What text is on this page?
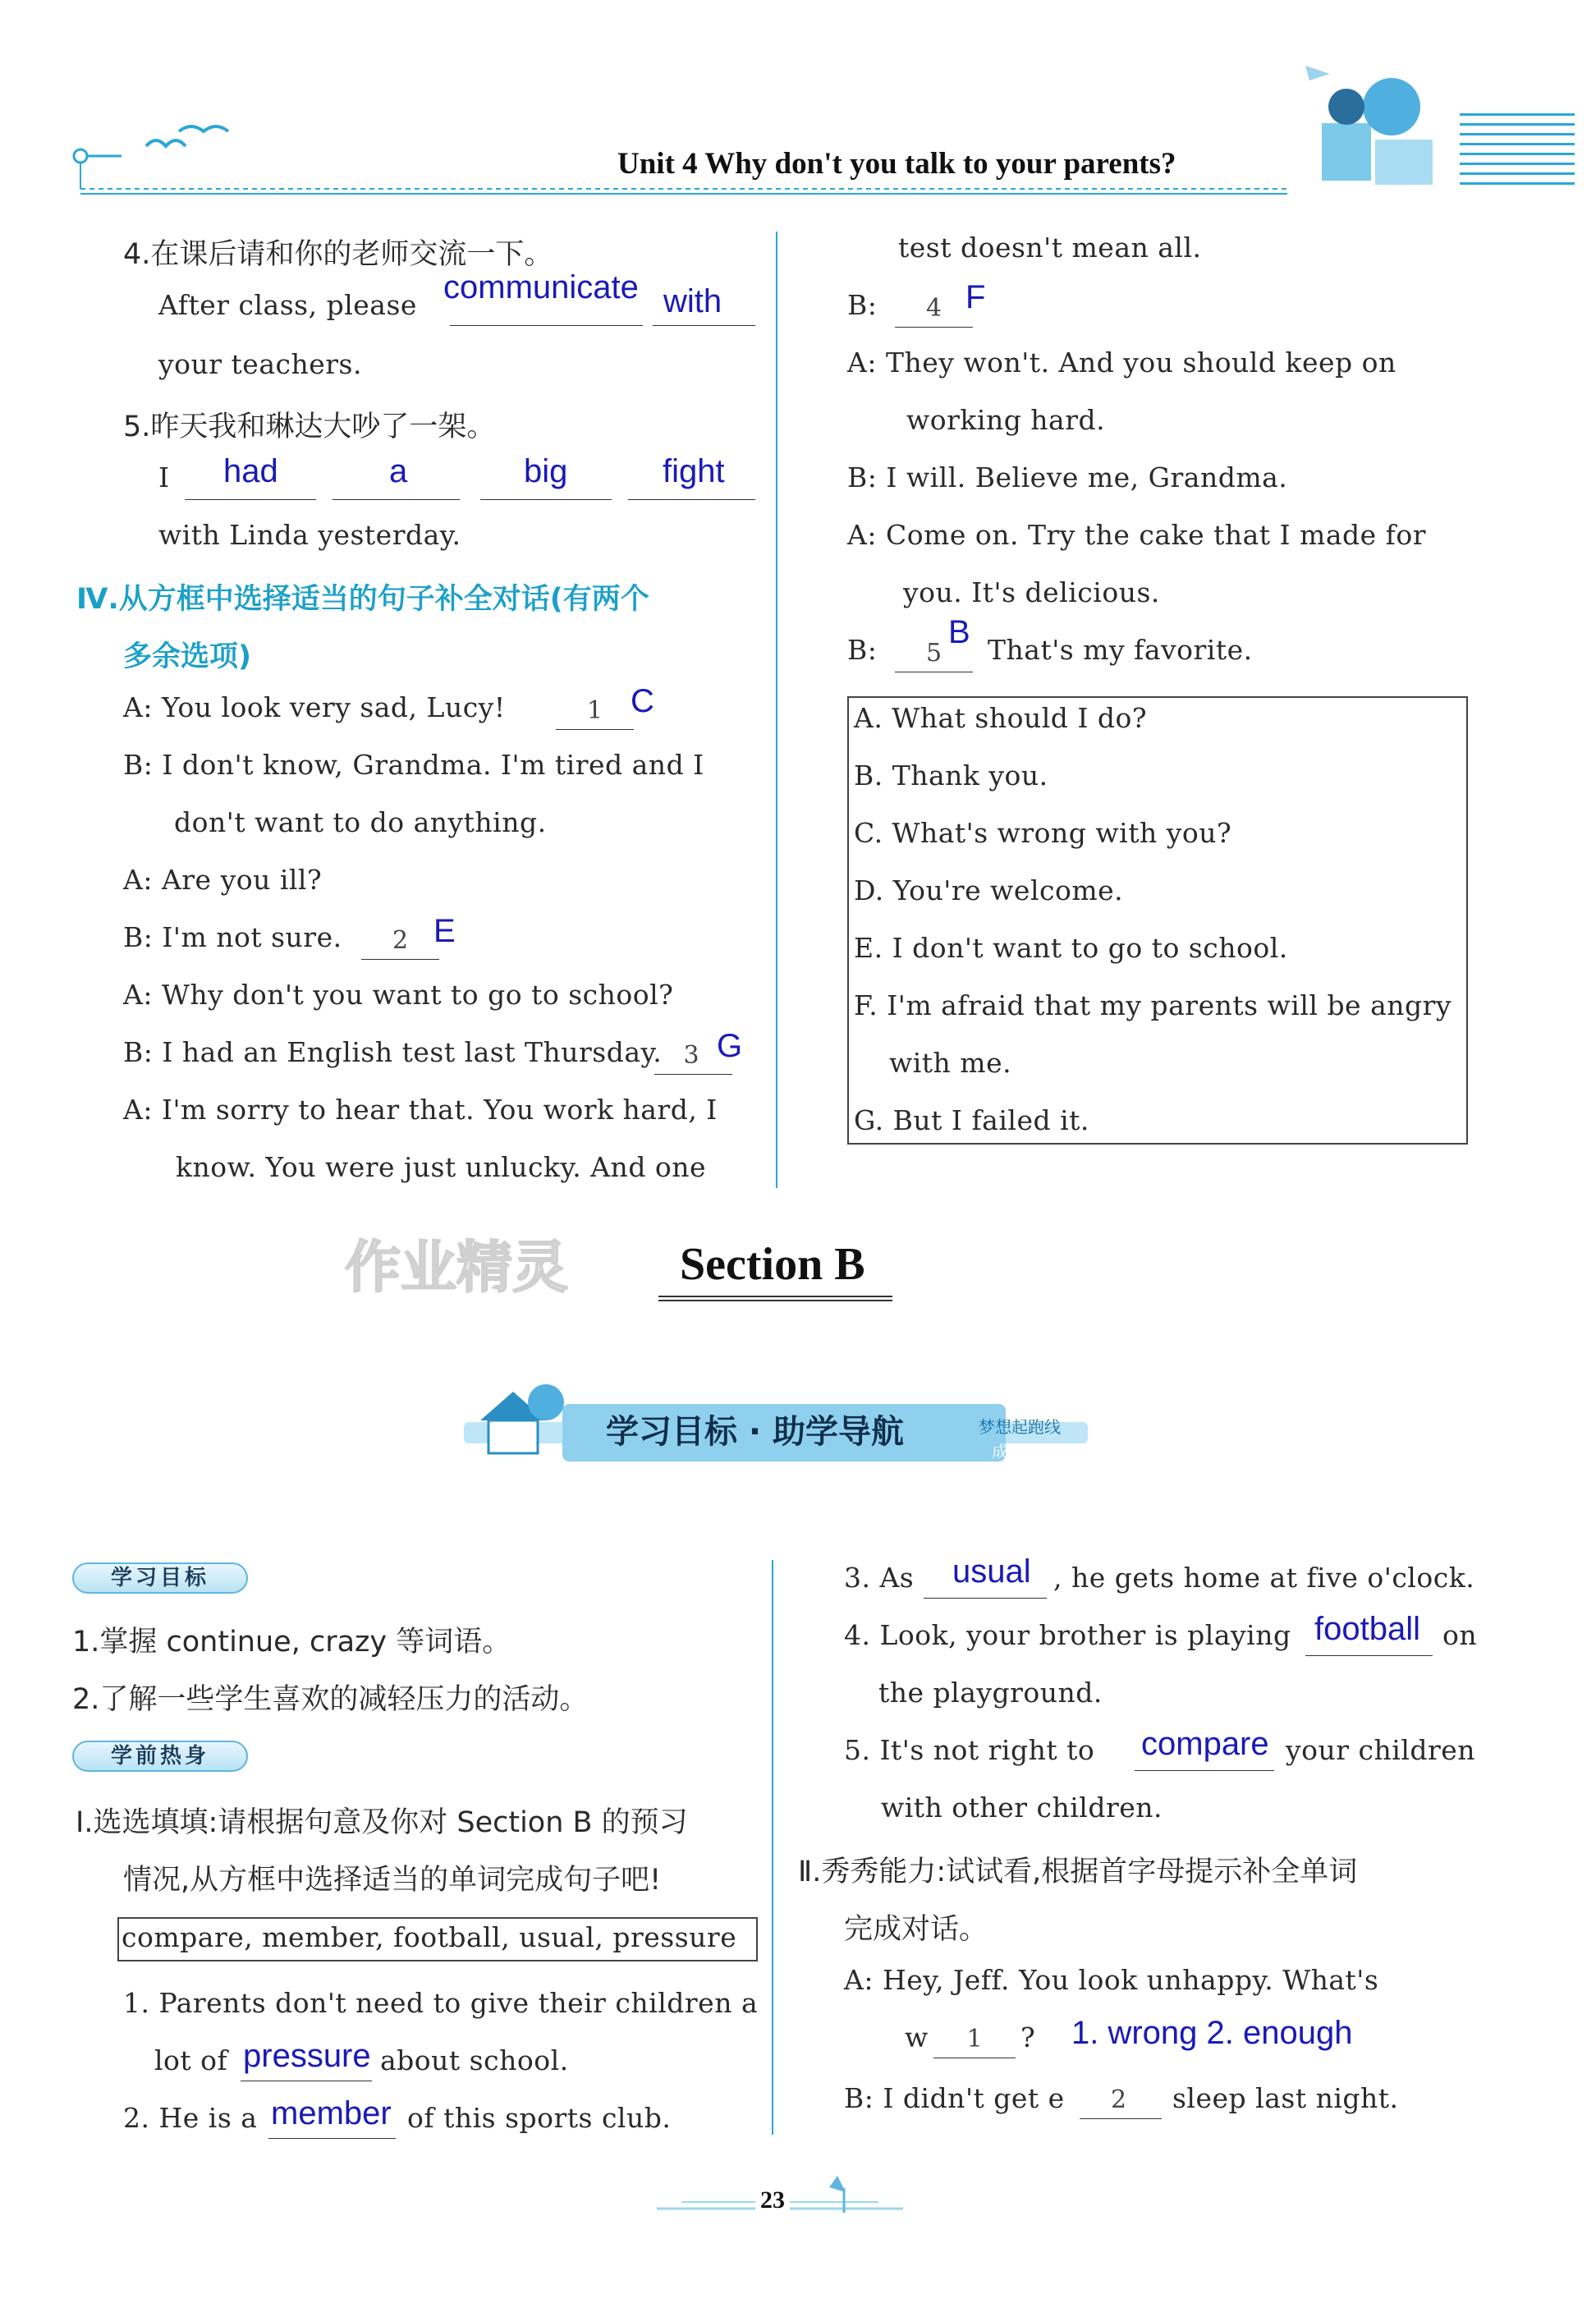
Unit 4 Why don't you talk to your parents?
4.在课后请和你的老师交流一下。
After class, please communicate with
your teachers.
5.昨天我和琳达大吵了一架。
I had	a	big	fight
with Linda yesterday.
Ⅳ.从方框中选择适当的句子补全对话(有两个
多余选项)
A: You look very sad, Lucy!	1 C
B: I don't know, Grandma. I'm tired and I
don't want to do anything.
A: Are you ill?
B: I'm not sure.	2 E
A: Why don't you want to go to school?
B: I had an English test last Thursday. 3 G
A: I'm sorry to hear that. You work hard, I
know. You were just unlucky. And one
test doesn't mean all.
B:	4 F
A: They won't. And you should keep on
working hard.
B: I will. Believe me, Grandma.
A: Come on. Try the cake that I made for
you. It's delicious.
B:	5
B That's my favorite.
A. What should I do?
B. Thank you.
C. What's wrong with you?
D. You're welcome.
E. I don't want to go to school.
F. I'm afraid that my parents will be angry
with me.
G. But I failed it.
作业精灵 Section B
学习目标 · 助学导航	梦想起跑线
成功前行
学习目标
1.掌握 continue, crazy 等词语。
2.了解一些学生喜欢的减轻压力的活动。
学前热身
Ⅰ.选选填填:请根据句意及你对 Section B 的预习
情况,从方框中选择适当的单词完成句子吧!
compare, member, football, usual, pressure
1. Parents don't need to give their children a
lot of pressure about school.
2. He is a member of this sports club.
3. As usual , he gets home at five o'clock.
4. Look, your brother is playing football on
the playground.
5. It's not right to compare your children
with other children.
Ⅱ.秀秀能力:试试看,根据首字母提示补全单词
完成对话。
A: Hey, Jeff. You look unhappy. What's
w	1	? 1. wrong 2. enough
B: I didn't get e	2	sleep last night.
23
